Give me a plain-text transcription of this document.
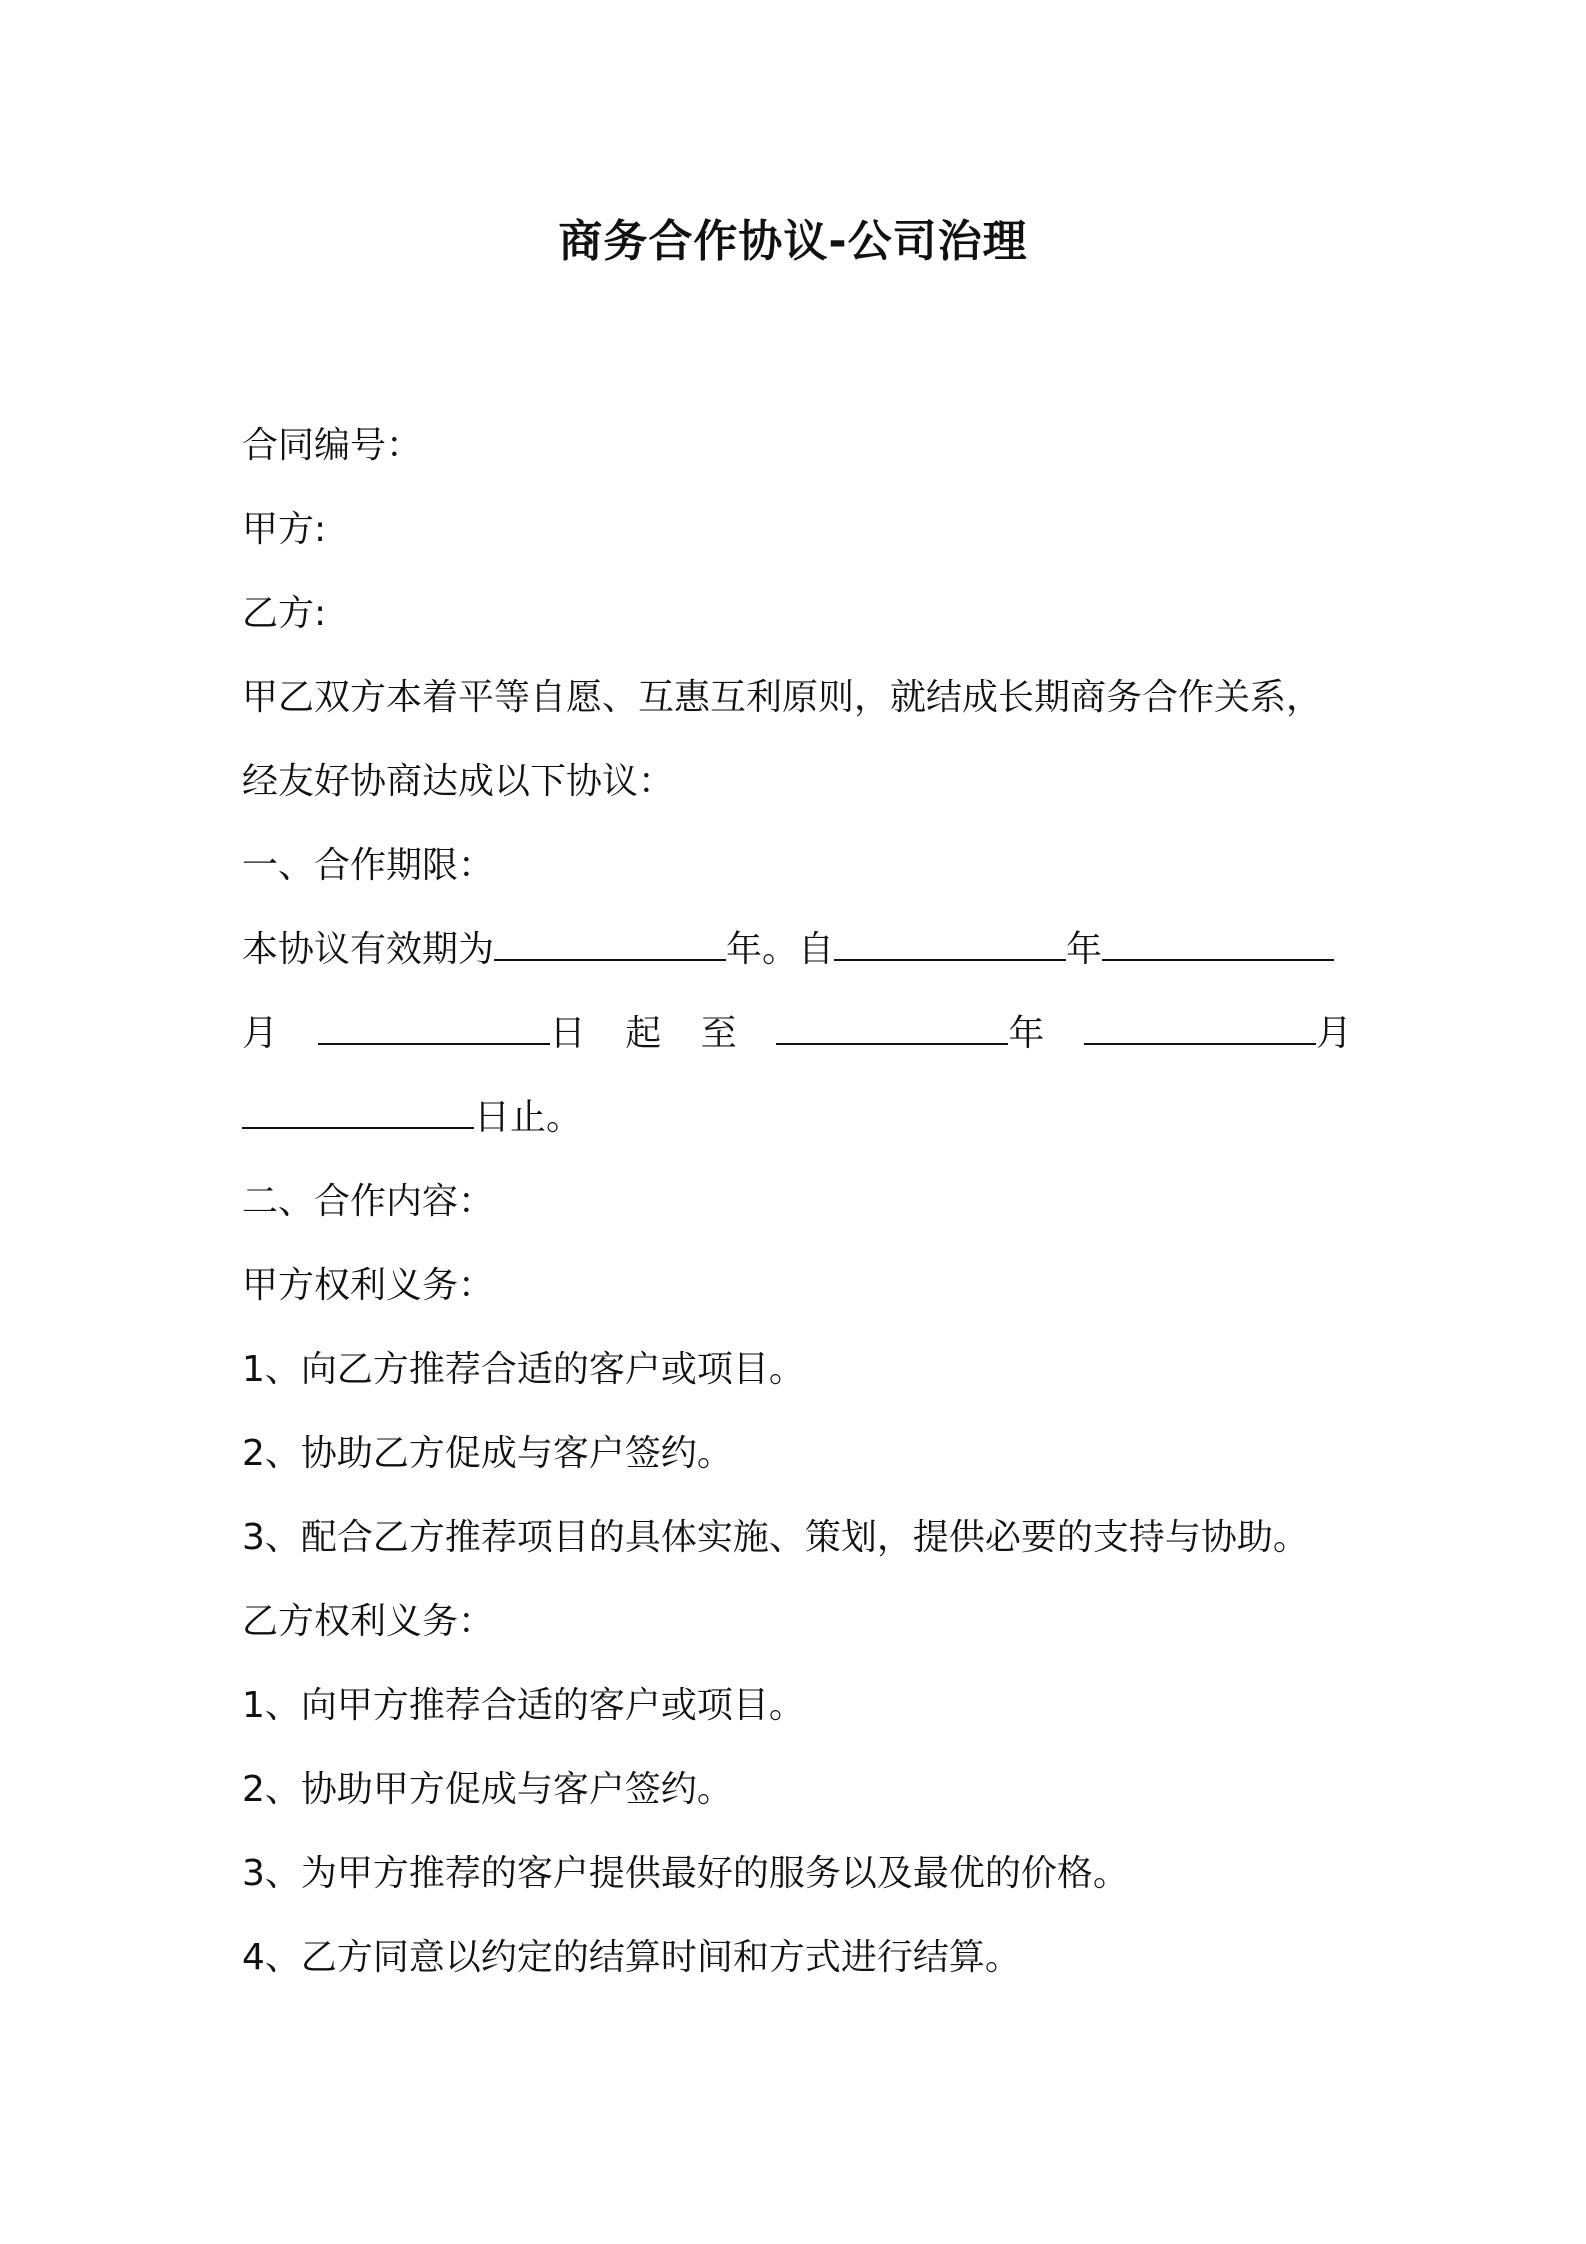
商务合作协议-公司治理
合同编号：
甲方:
乙方:
甲乙双方本着平等自愿、互惠互利原则，就结成长期商务合作关系，
经友好协商达成以下协议：
一、合作期限：
本协议有效期为	年。自	年
月	日 起 至	年	月
日止。
二、合作内容：
甲方权利义务：
1、向乙方推荐合适的客户或项目。
2、协助乙方促成与客户签约。
3、配合乙方推荐项目的具体实施、策划，提供必要的支持与协助。
乙方权利义务：
1、向甲方推荐合适的客户或项目。
2、协助甲方促成与客户签约。
3、为甲方推荐的客户提供最好的服务以及最优的价格。
4、乙方同意以约定的结算时间和方式进行结算。
